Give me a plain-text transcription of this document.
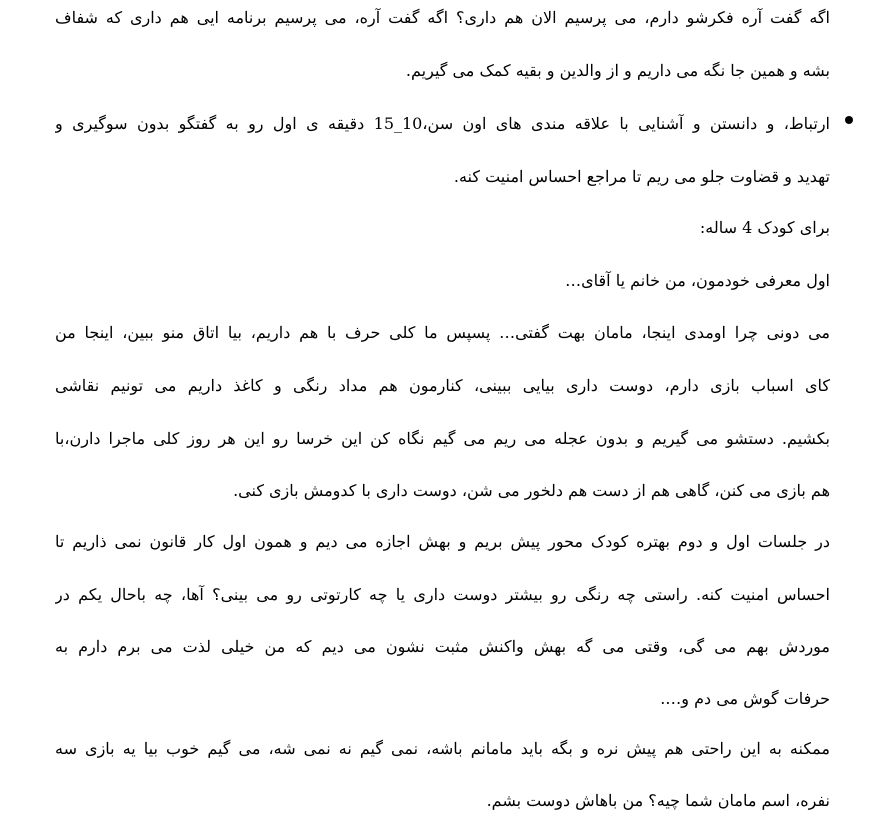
اگه گفت آره فکرشو دارم، می پرسیم الان هم داری؟ اگه گفت آره، می پرسیم برنامه ایی هم داری که شفاف
بشه و همین جا نگه می داریم و از والدین و بقیه کمک می گیریم.
ارتباط، و دانستن و آشنایی با علاقه مندی های اون سن،10_15 دقیقه ی اول رو به گفتگو بدون سوگیری و
تهدید و قضاوت جلو می ریم تا مراجع احساس امنیت کنه.
برای کودک 4 ساله:
اول معرفی خودمون، من خانم یا آقای…
می دونی چرا اومدی اینجا، مامان بهت گفتی… پسپس ما کلی حرف با هم داریم، بیا اتاق منو ببین، اینجا من
کای اسباب بازی دارم، دوست داری بیایی ببینی، کنارمون هم مداد رنگی و کاغذ داریم می تونیم نقاشی
بکشیم. دستشو می گیریم و بدون عجله می ریم می گیم نگاه کن این خرسا رو این هر روز کلی ماجرا دارن،با
هم بازی می کنن، گاهی هم از دست هم دلخور می شن، دوست داری با کدومش بازی کنی.
در جلسات اول و دوم بهتره کودک محور پیش بریم و بهش اجازه می دیم و همون اول کار قانون نمی ذاریم تا
احساس امنیت کنه. راستی چه رنگی رو بیشتر دوست داری یا چه کارتوتی رو می بینی؟ آها، چه باحال یکم در
موردش بهم می گی، وقتی می گه بهش واکنش مثبت نشون می دیم که من خیلی لذت می برم دارم به
حرفات گوش می دم و….
ممکنه به این راحتی هم پیش نره و بگه باید مامانم باشه، نمی گیم نه نمی شه، می گیم خوب بیا یه بازی سه
نفره، اسم مامان شما چیه؟ من باهاش دوست بشم.
